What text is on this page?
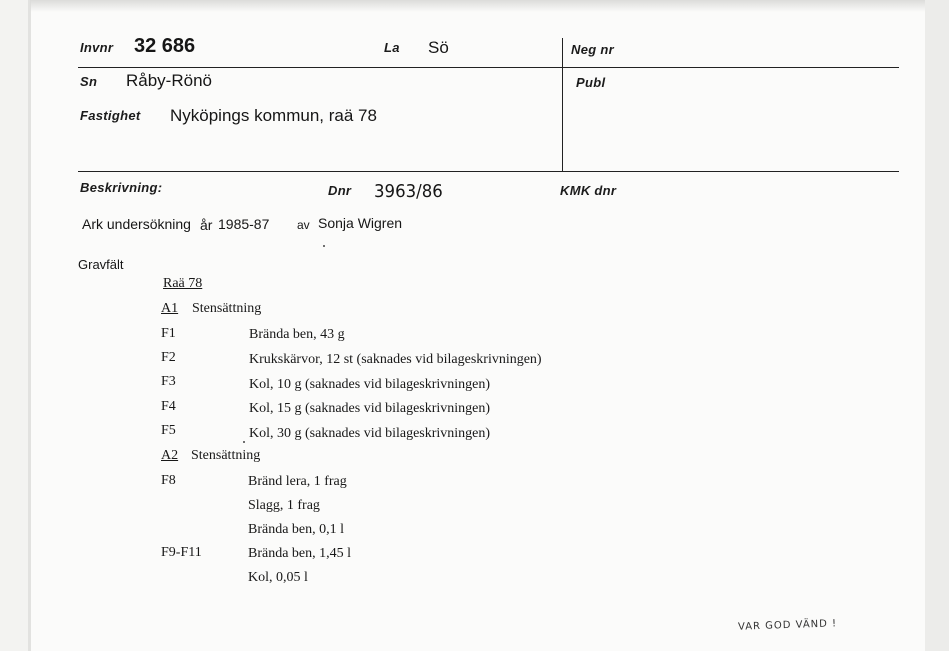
Invnr 32 686	La Sö	Neg nr
Sn Råby-Rönö	Publ
Fastighet Nyköpings kommun, raä 78
Beskrivning:	Dnr 3963/86	KMK dnr
Ark undersökning år 1985-87 av Sonja Wigren
Gravfält
Raä 78
A1 Stensättning
F1	Brända ben, 43 g
F2	Krukskärvor, 12 st (saknades vid bilageskrivningen)
F3	Kol, 10 g (saknades vid bilageskrivningen)
F4	Kol, 15 g (saknades vid bilageskrivningen)
F5	Kol, 30 g (saknades vid bilageskrivningen)
A2 Stensättning
F8	Bränd lera, 1 frag
Slagg, 1 frag
Brända ben, 0,1 l
F9-F11	Brända ben, 1,45 l
Kol, 0,05 l
VAR GOD VÄND !
